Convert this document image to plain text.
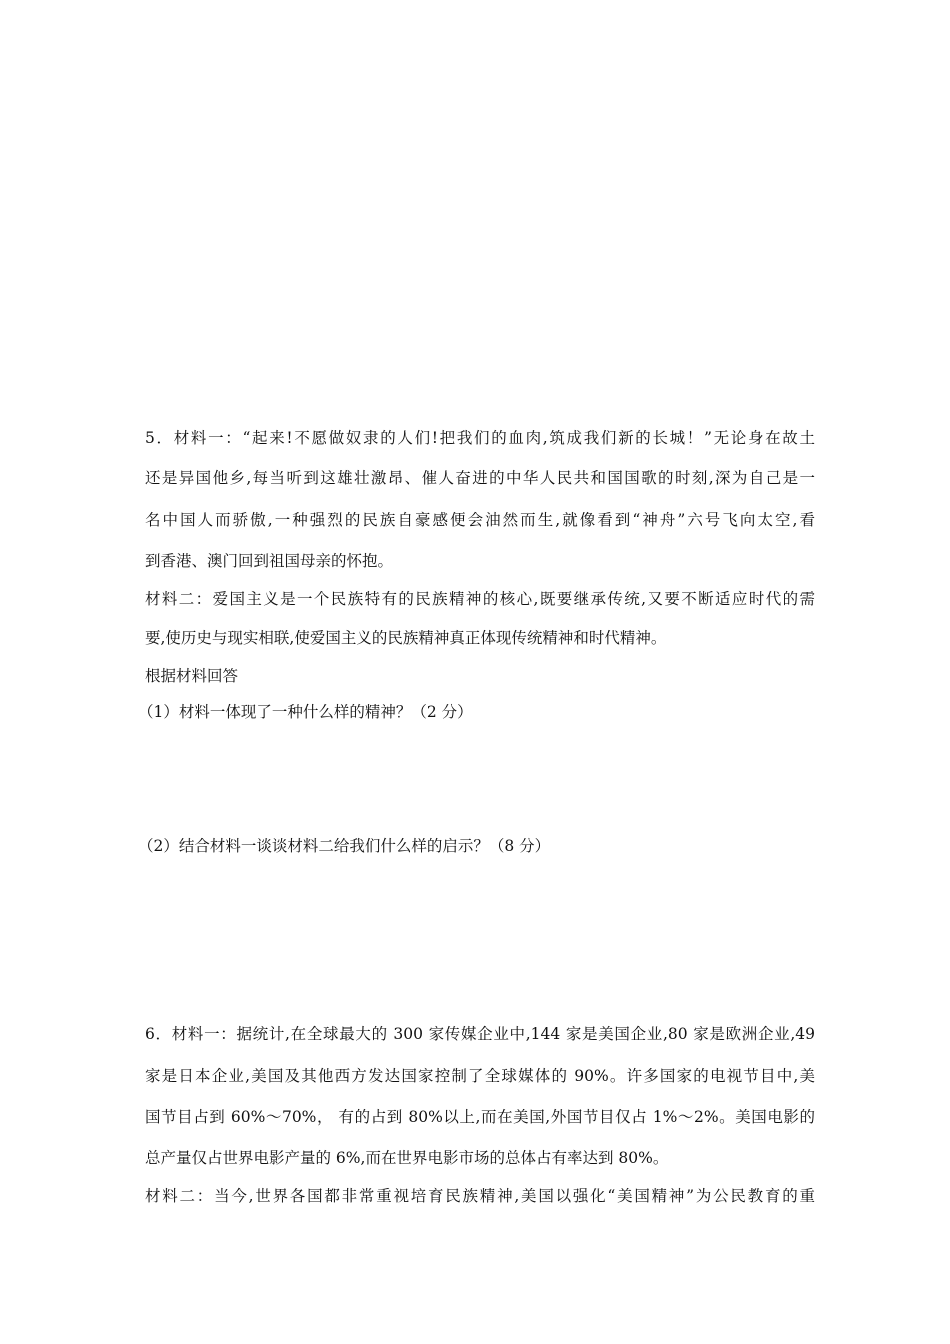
5．材料一：“起来!不愿做奴隶的人们!把我们的血肉,筑成我们新的长城！”无论身在故土
还是异国他乡,每当听到这雄壮激昂、催人奋进的中华人民共和国国歌的时刻,深为自己是一
名中国人而骄傲,一种强烈的民族自豪感便会油然而生,就像看到“神舟”六号飞向太空,看
到香港、澳门回到祖国母亲的怀抱。
材料二：爱国主义是一个民族特有的民族精神的核心,既要继承传统,又要不断适应时代的需
要,使历史与现实相联,使爱国主义的民族精神真正体现传统精神和时代精神。
根据材料回答
（1）材料一体现了一种什么样的精神？（2 分）
（2）结合材料一谈谈材料二给我们什么样的启示？（8 分）
6．材料一：据统计,在全球最大的 300 家传媒企业中,144 家是美国企业,80 家是欧洲企业,49
家是日本企业,美国及其他西方发达国家控制了全球媒体的 90%。许多国家的电视节目中,美
国节目占到 60%～70%， 有的占到 80%以上,而在美国,外国节目仅占 1%～2%。美国电影的
总产量仅占世界电影产量的 6%,而在世界电影市场的总体占有率达到 80%。
材料二：当今,世界各国都非常重视培育民族精神,美国以强化“美国精神”为公民教育的重
